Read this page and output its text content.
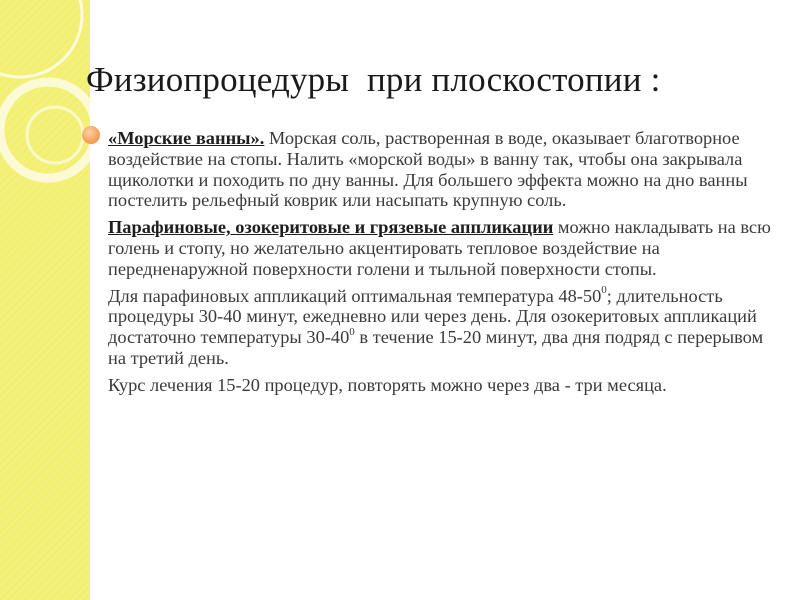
Физиопроцедуры  при плоскостопии :

«Морские ванны». Морская соль, растворенная в воде, оказывает благотворное воздействие на стопы. Налить «морской воды» в ванну так, чтобы она закрывала щиколотки и походить по дну ванны. Для большего эффекта можно на дно ванны постелить рельефный коврик или насыпать крупную соль.

Парафиновые, озокеритовые и грязевые аппликации можно накладывать на всю голень и стопу, но желательно акцентировать тепловое воздействие на передненаружной поверхности голени и тыльной поверхности стопы.

Для парафиновых аппликаций оптимальная температура $48-50^0$; длительность процедуры 30-40 минут, ежедневно или через день. Для озокеритовых аппликаций достаточно температуры $30-40^0$ в течение 15-20 минут, два дня подряд с перерывом на третий день.

Курс лечения 15-20 процедур, повторять можно через два - три месяца.
